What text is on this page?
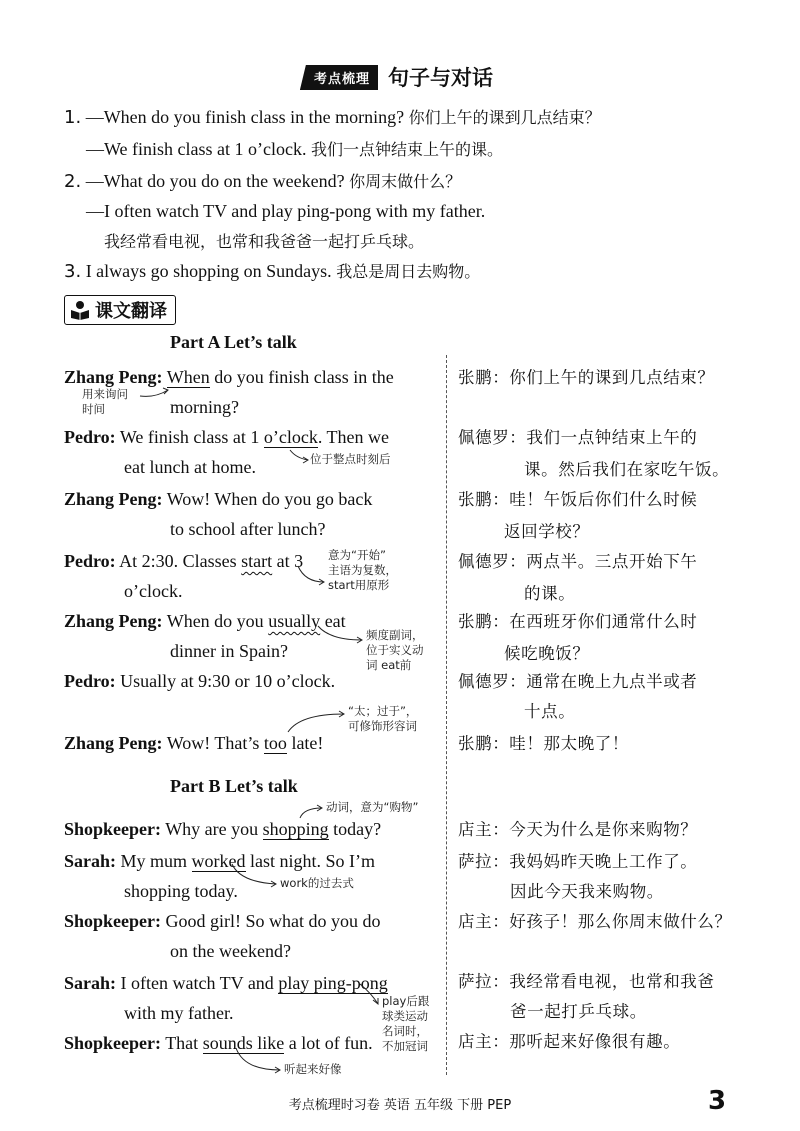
考点梳理 句子与对话
1. —When do you finish class in the morning? 你们上午的课到几点结束？
—We finish class at 1 o’clock. 我们一点钟结束上午的课。
2. —What do you do on the weekend? 你周末做什么？
—I often watch TV and play ping-pong with my father.
我经常看电视，也常和我爸爸一起打乒乓球。
3. I always go shopping on Sundays. 我总是周日去购物。
课文翻译
Part A Let’s talk
Zhang Peng: When do you finish class in the
morning?
用来询问
时间
Pedro: We finish class at 1 o’clock. Then we
eat lunch at home.	位于整点时刻后
Zhang Peng: Wow! When do you go back
to school after lunch?
Pedro: At 2:30. Classes start at 3
o’clock.
意为“开始”
主语为复数，
start用原形
Zhang Peng: When do you usually eat
dinner in Spain?
频度副词，
位于实义动
词 eat前
Pedro: Usually at 9:30 or 10 o’clock.
Zhang Peng: Wow! That’s too late!
“太；过于”，
可修饰形容词
张鹏：你们上午的课到几点结束？
佩德罗：我们一点钟结束上午的
课。然后我们在家吃午饭。
张鹏：哇！午饭后你们什么时候
返回学校？
佩德罗：两点半。三点开始下午
的课。
张鹏：在西班牙你们通常什么时
候吃晚饭？
佩德罗：通常在晚上九点半或者
十点。
张鹏：哇！那太晚了！
Part B Let’s talk
动词，意为“购物”
Shopkeeper: Why are you shopping today?
Sarah: My mum worked last night. So I’m
shopping today.	work的过去式
Shopkeeper: Good girl! So what do you do
on the weekend?
Sarah: I often watch TV and play ping-pong
with my father.
play后跟
球类运动
名词时，
不加冠词
Shopkeeper: That sounds like a lot of fun.
听起来好像
店主：今天为什么是你来购物？
萨拉：我妈妈昨天晚上工作了。
因此今天我来购物。
店主：好孩子！那么你周末做什么？
萨拉：我经常看电视，也常和我爸
爸一起打乒乓球。
店主：那听起来好像很有趣。
考点梳理时习卷 英语 五年级 下册 PEP	3
